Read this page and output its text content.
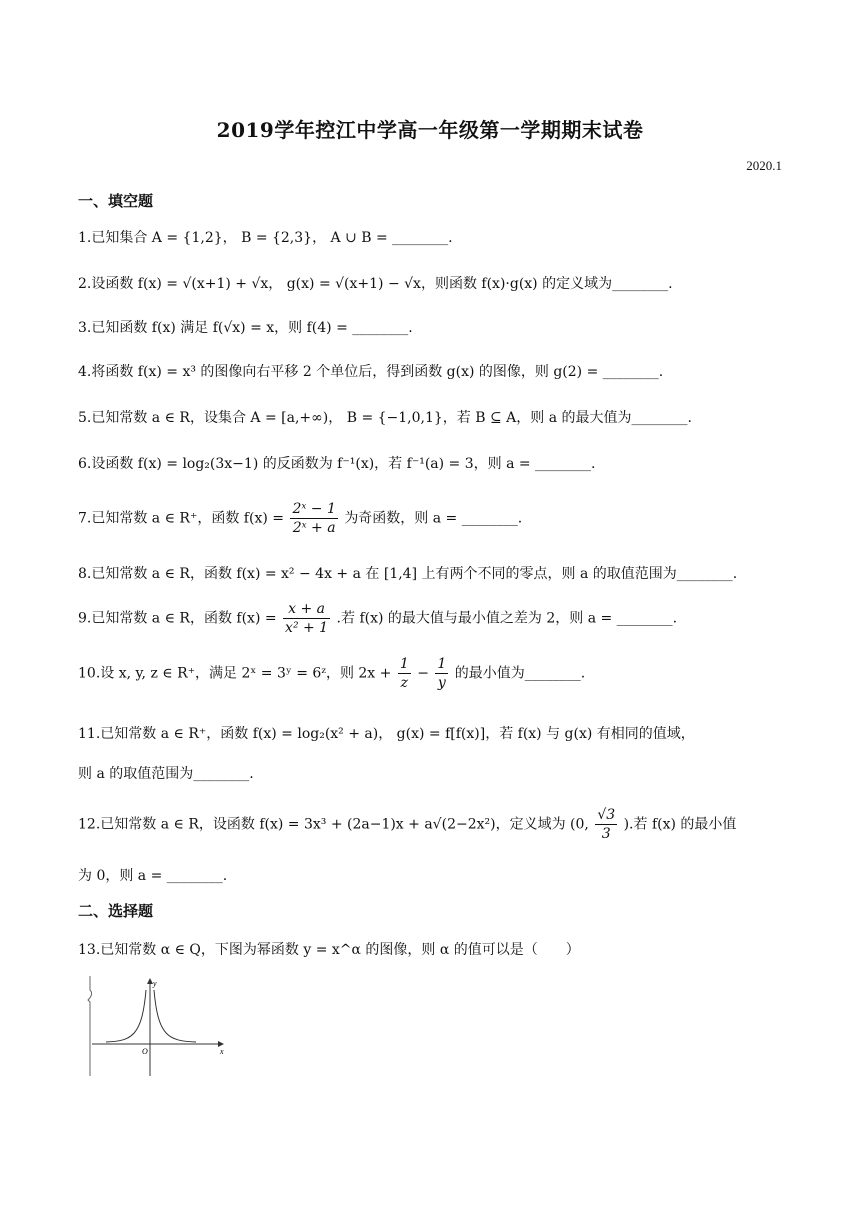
2019学年控江中学高一年级第一学期期末试卷
2020.1
一、填空题
1.已知集合 A = {1,2}， B = {2,3}， A ∪ B = ________.
2.设函数 f(x) = √(x+1) + √x， g(x) = √(x+1) − √x，则函数 f(x)·g(x) 的定义域为________.
3.已知函数 f(x) 满足 f(√x) = x，则 f(4) = ________.
4.将函数 f(x) = x³ 的图像向右平移 2 个单位后，得到函数 g(x) 的图像，则 g(2) = ________.
5.已知常数 a ∈ R，设集合 A = [a,+∞)， B = {−1,0,1}，若 B ⊆ A，则 a 的最大值为________.
6.设函数 f(x) = log₂(3x−1) 的反函数为 f⁻¹(x)，若 f⁻¹(a) = 3，则 a = ________.
7.已知常数 a ∈ R⁺，函数 $f(x) = \frac{\text{2ˣ − 1}}{\text{2ˣ + a}}$ 为奇函数，则 a = ________.
8.已知常数 a ∈ R，函数 f(x) = x² − 4x + a 在 [1,4] 上有两个不同的零点，则 a 的取值范围为________.
9.已知常数 a ∈ R，函数 $f(x) = \frac{x + a}{\text{x² + 1}}$ .若 f(x) 的最大值与最小值之差为 2，则 a = ________.
10.设 x, y, z ∈ R⁺，满足 2ˣ = 3ʸ = 6ᶻ，则 $2x + \frac{1}{z} - \frac{1}{y}$ 的最小值为________.
11.已知常数 a ∈ R⁺，函数 f(x) = log₂(x² + a)， g(x) = f[f(x)]，若 f(x) 与 g(x) 有相同的值域，
则 a 的取值范围为________.
12.已知常数 a ∈ R，设函数 f(x) = 3x³ + (2a−1)x + a√(2−2x²)，定义域为 (0, $\frac{√3}{3}$ ).若 f(x) 的最小值
为 0，则 a = ________.
二、选择题
13.已知常数 α ∈ Q，下图为幂函数 y = x^α 的图像，则 α 的值可以是（　　）
y
O	x
